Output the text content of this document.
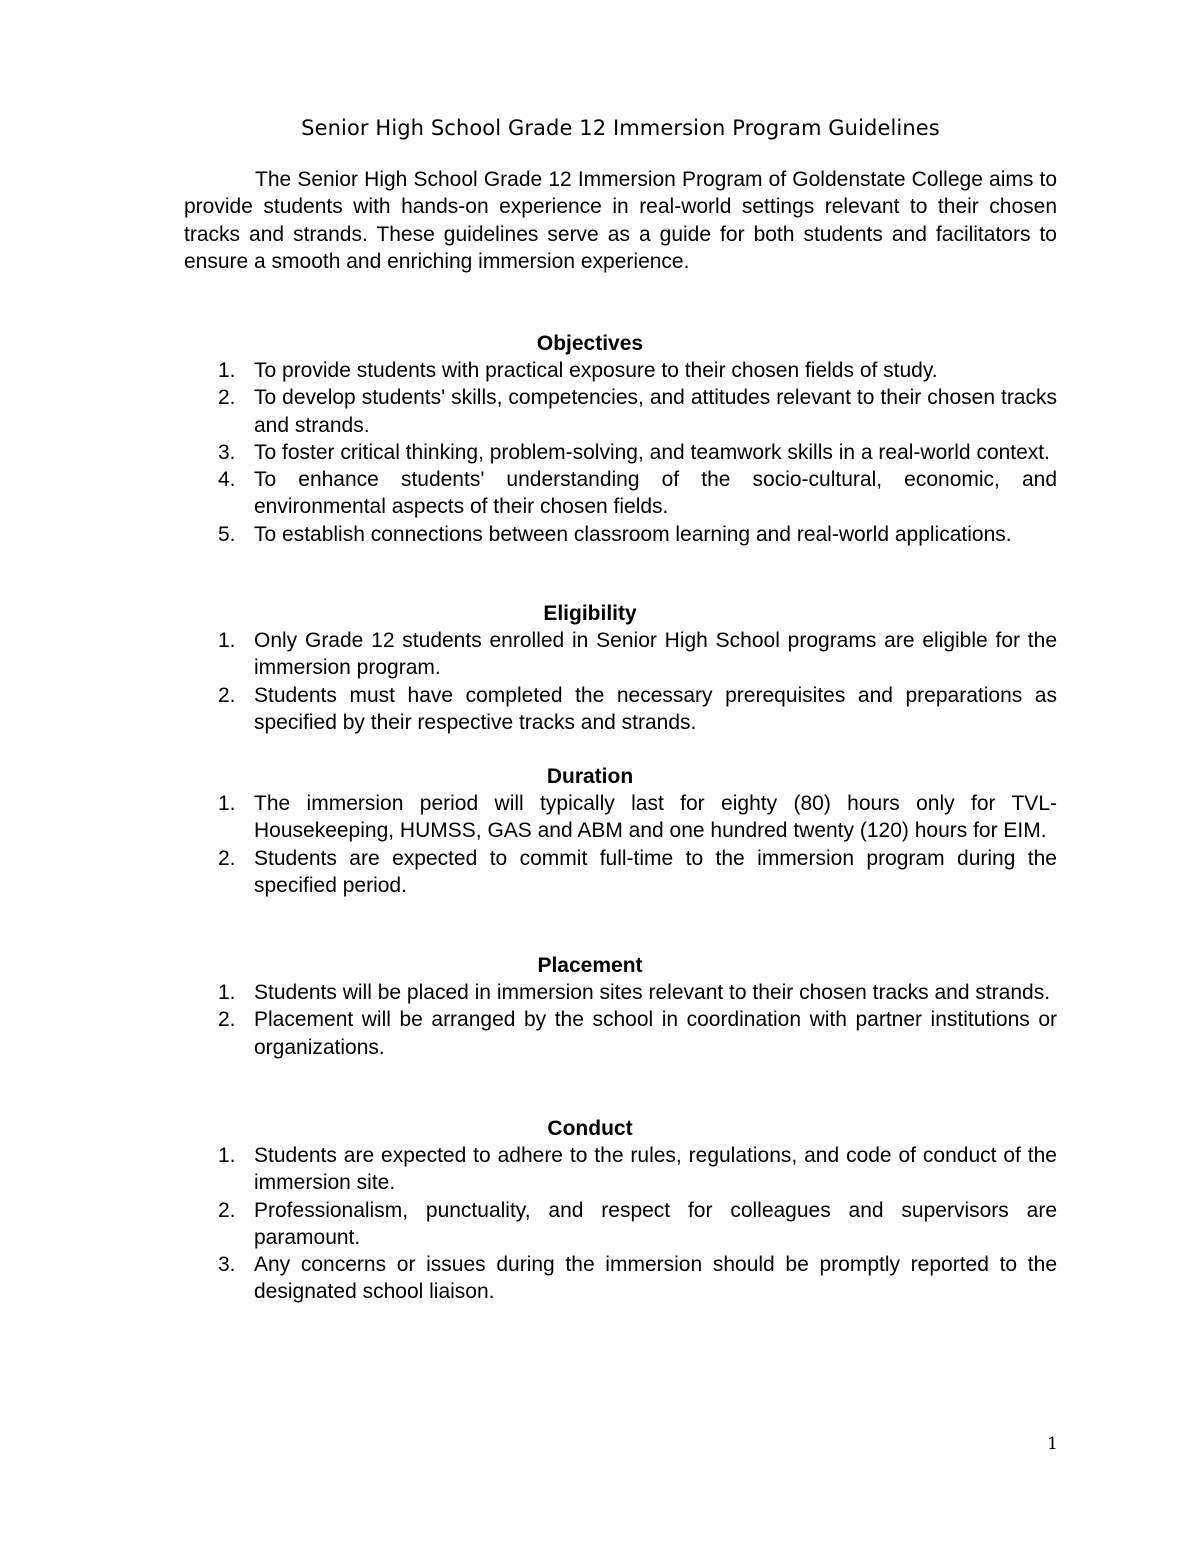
Senior High School Grade 12 Immersion Program Guidelines

The Senior High School Grade 12 Immersion Program of Goldenstate College aims to provide students with hands-on experience in real-world settings relevant to their chosen tracks and strands. These guidelines serve as a guide for both students and facilitators to ensure a smooth and enriching immersion experience.

Objectives
1. To provide students with practical exposure to their chosen fields of study.
2. To develop students' skills, competencies, and attitudes relevant to their chosen tracks and strands.
3. To foster critical thinking, problem-solving, and teamwork skills in a real-world context.
4. To enhance students' understanding of the socio-cultural, economic, and environmental aspects of their chosen fields.
5. To establish connections between classroom learning and real-world applications.
Eligibility
1. Only Grade 12 students enrolled in Senior High School programs are eligible for the immersion program.
2. Students must have completed the necessary prerequisites and preparations as specified by their respective tracks and strands.
Duration
1. The immersion period will typically last for eighty (80) hours only for TVL-Housekeeping, HUMSS, GAS and ABM and one hundred twenty (120) hours for EIM.
2. Students are expected to commit full-time to the immersion program during the specified period.
Placement
1. Students will be placed in immersion sites relevant to their chosen tracks and strands.
2. Placement will be arranged by the school in coordination with partner institutions or organizations.
Conduct
1. Students are expected to adhere to the rules, regulations, and code of conduct of the immersion site.
2. Professionalism, punctuality, and respect for colleagues and supervisors are paramount.
3. Any concerns or issues during the immersion should be promptly reported to the designated school liaison.
1
